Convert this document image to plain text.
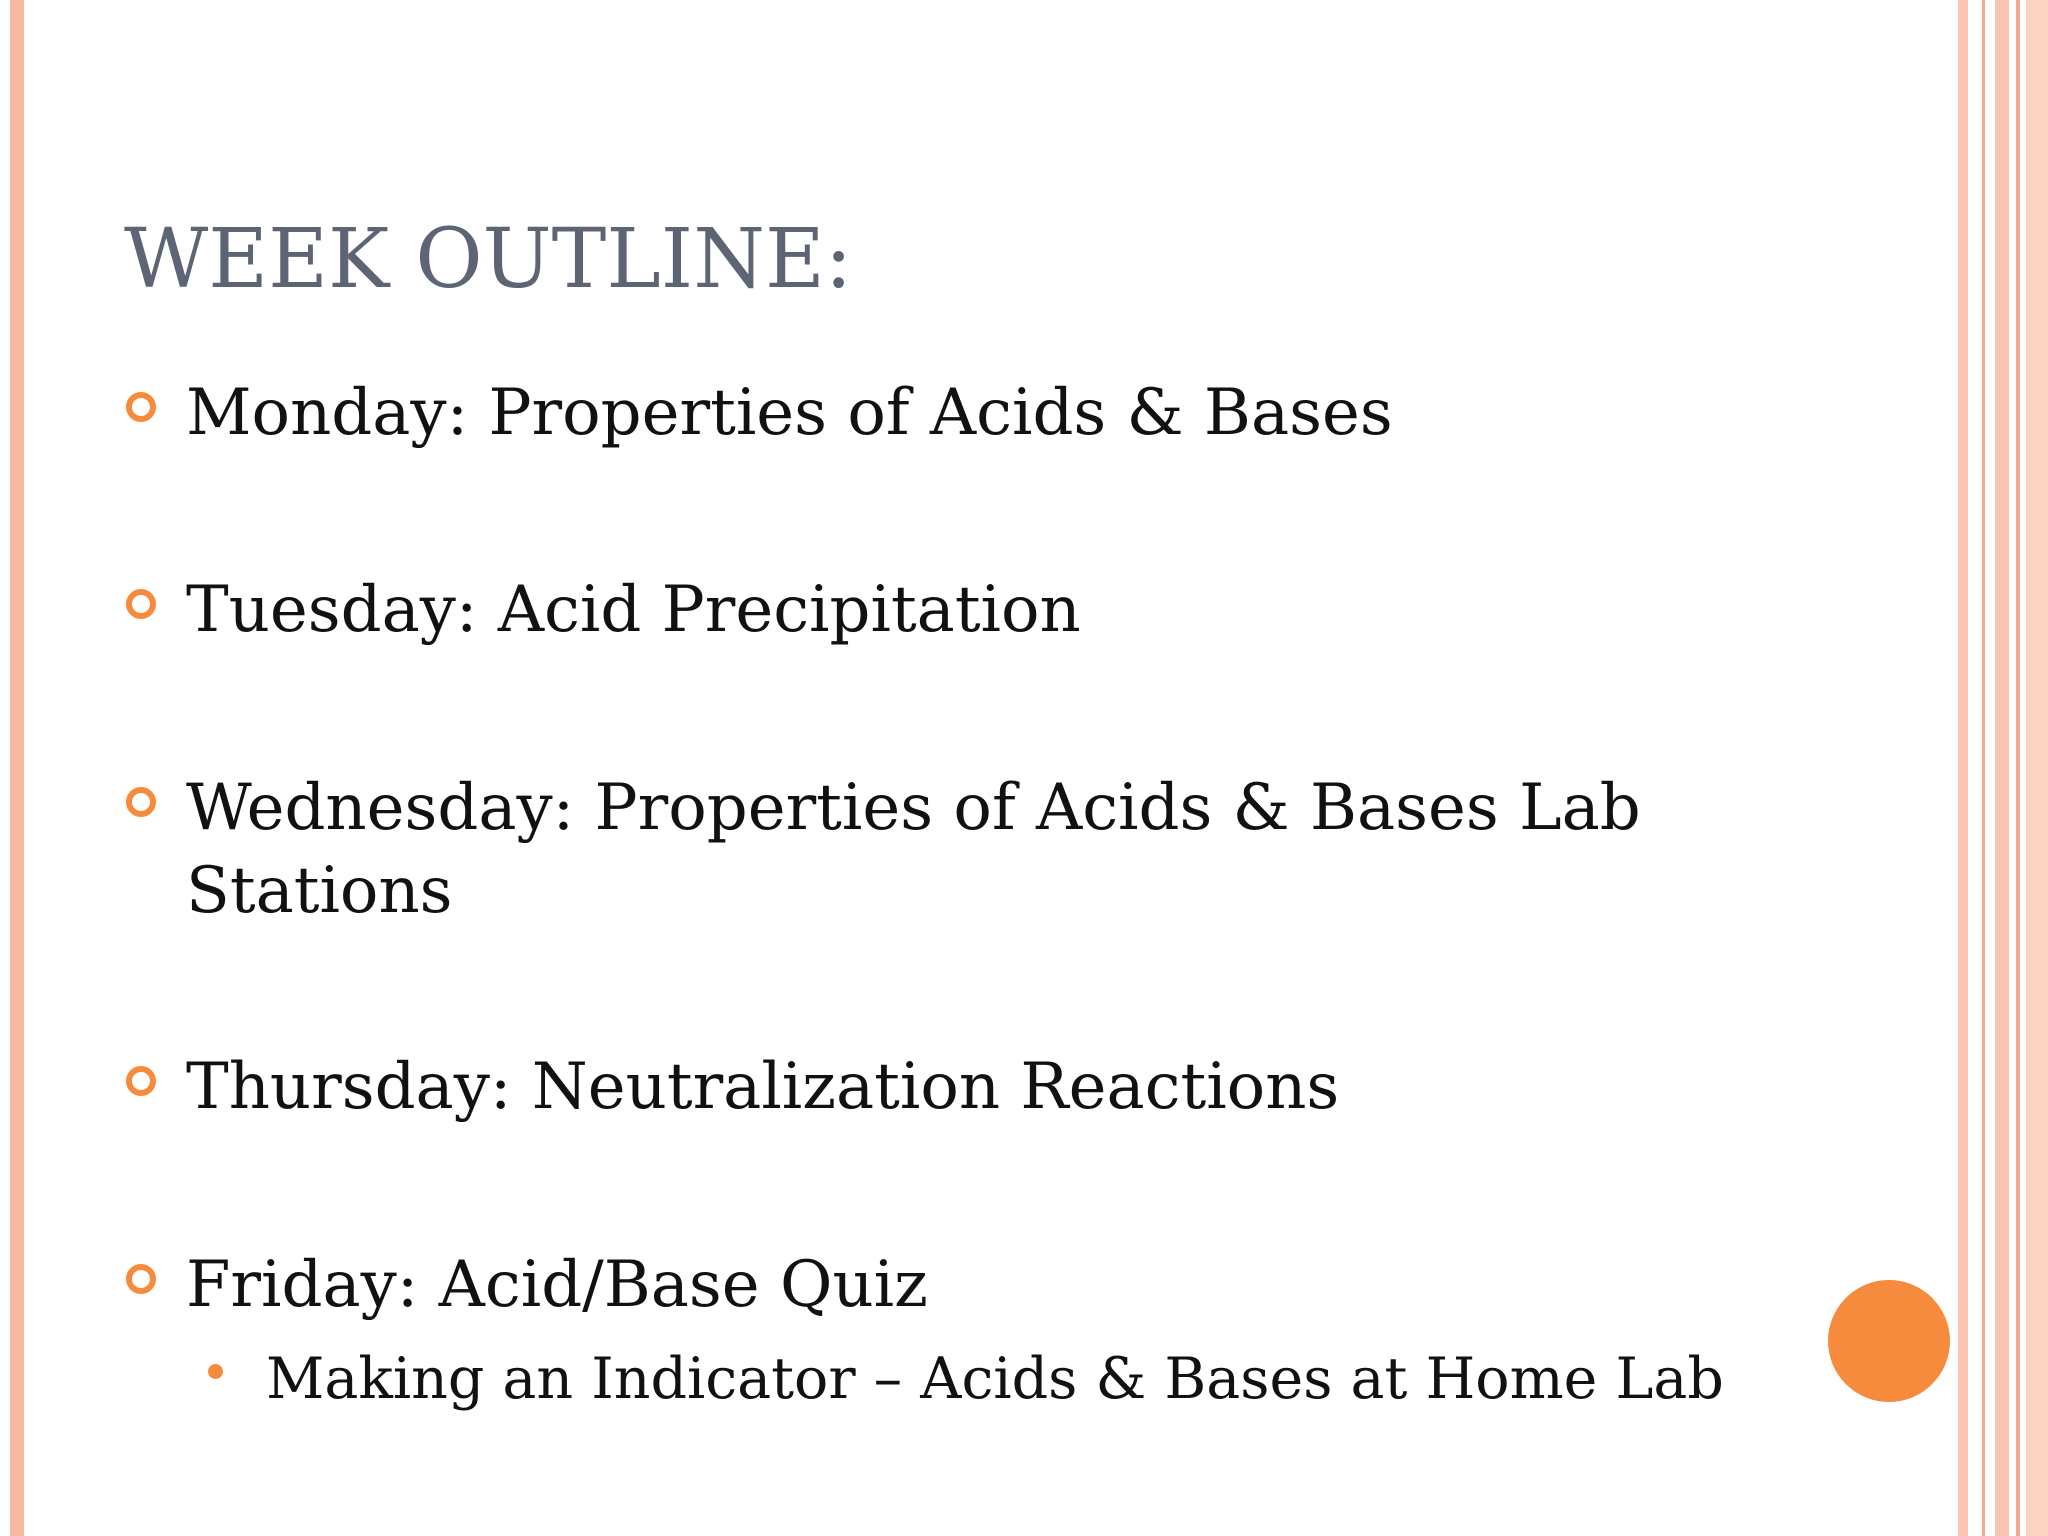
WEEK OUTLINE:
Monday: Properties of Acids & Bases
Tuesday: Acid Precipitation
Wednesday: Properties of Acids & Bases Lab Stations
Thursday: Neutralization Reactions
Friday: Acid/Base Quiz
Making an Indicator – Acids & Bases at Home Lab
